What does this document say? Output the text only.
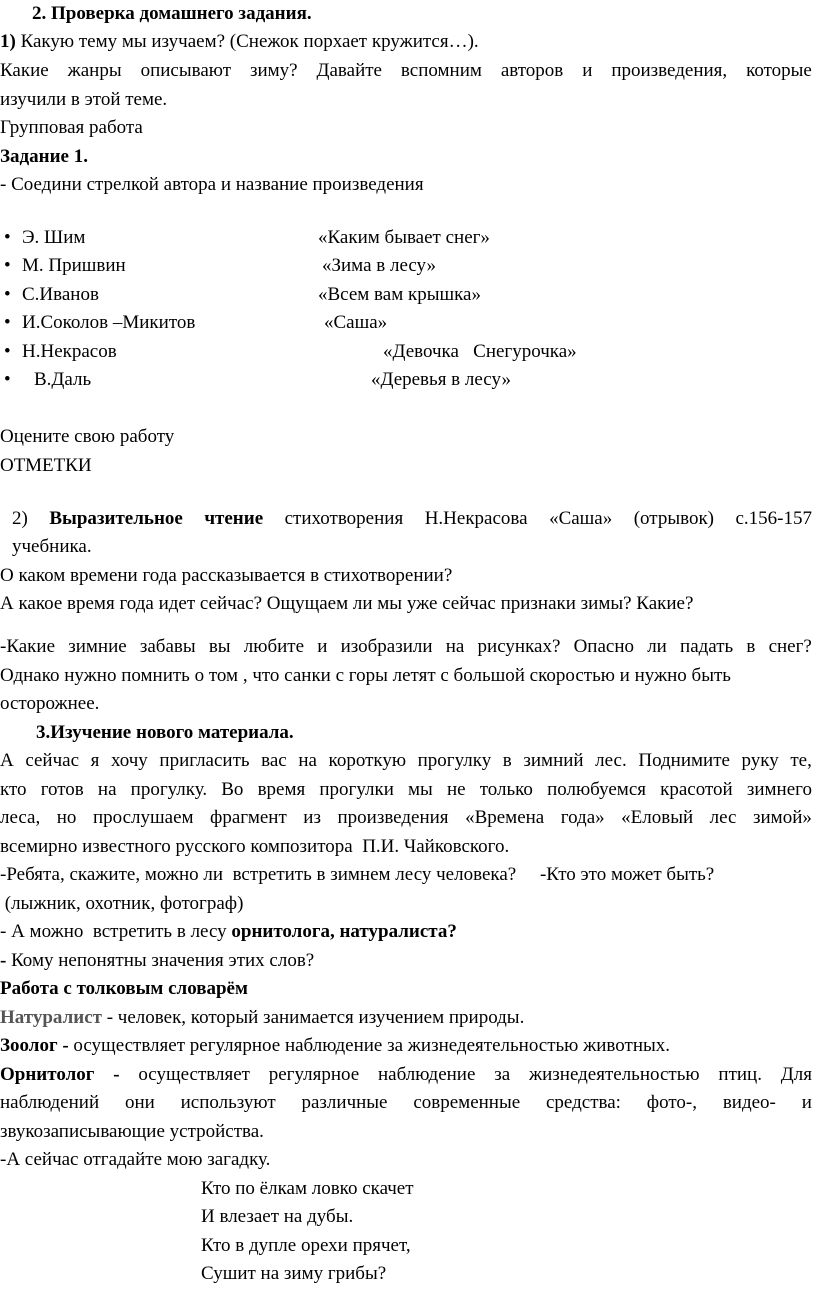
2. Проверка домашнего задания.
1) Какую тему мы изучаем? (Снежок порхает кружится…).
Какие жанры описывают зиму? Давайте вспомним авторов и произведения, которые
изучили в этой теме.
Групповая работа
Задание 1.
- Соедини стрелкой автора и название произведения
• Э. Шим	«Каким бывает снег»
• М. Пришвин	«Зима в лесу»
• С.Иванов	«Всем вам крышка»
• И.Соколов –Микитов	«Саша»
• Н.Некрасов	«Девочка   Снегурочка»
• В.Даль	«Деревья в лесу»
Оцените свою работу
ОТМЕТКИ
2) Выразительное чтение стихотворения Н.Некрасова «Саша» (отрывок) с.156-157
учебника.
О каком времени года рассказывается в стихотворении?
А какое время года идет сейчас? Ощущаем ли мы уже сейчас признаки зимы? Какие?
-Какие зимние забавы вы любите и изобразили на рисунках? Опасно ли падать в снег?
Однако нужно помнить о том , что санки с горы летят с большой скоростью и нужно быть
осторожнее.
3.Изучение нового материала.
А сейчас я хочу пригласить вас на короткую прогулку в зимний лес. Поднимите руку те,
кто готов на прогулку. Во время прогулки мы не только полюбуемся красотой зимнего
леса, но прослушаем фрагмент из произведения «Времена года» «Еловый лес зимой»
всемирно известного русского композитора  П.И. Чайковского.
-Ребята, скажите, можно ли  встретить в зимнем лесу человека?     -Кто это может быть?
(лыжник, охотник, фотограф)
- А можно  встретить в лесу орнитолога, натуралиста?
- Кому непонятны значения этих слов?
Работа с толковым словарём
Натуралист - человек, который занимается изучением природы.
Зоолог - осуществляет регулярное наблюдение за жизнедеятельностью животных.
Орнитолог - осуществляет регулярное наблюдение за жизнедеятельностью птиц. Для
наблюдений они используют различные современные средства: фото-, видео- и
звукозаписывающие устройства.
-А сейчас отгадайте мою загадку.
Кто по ёлкам ловко скачет
И влезает на дубы.
Кто в дупле орехи прячет,
Сушит на зиму грибы?
